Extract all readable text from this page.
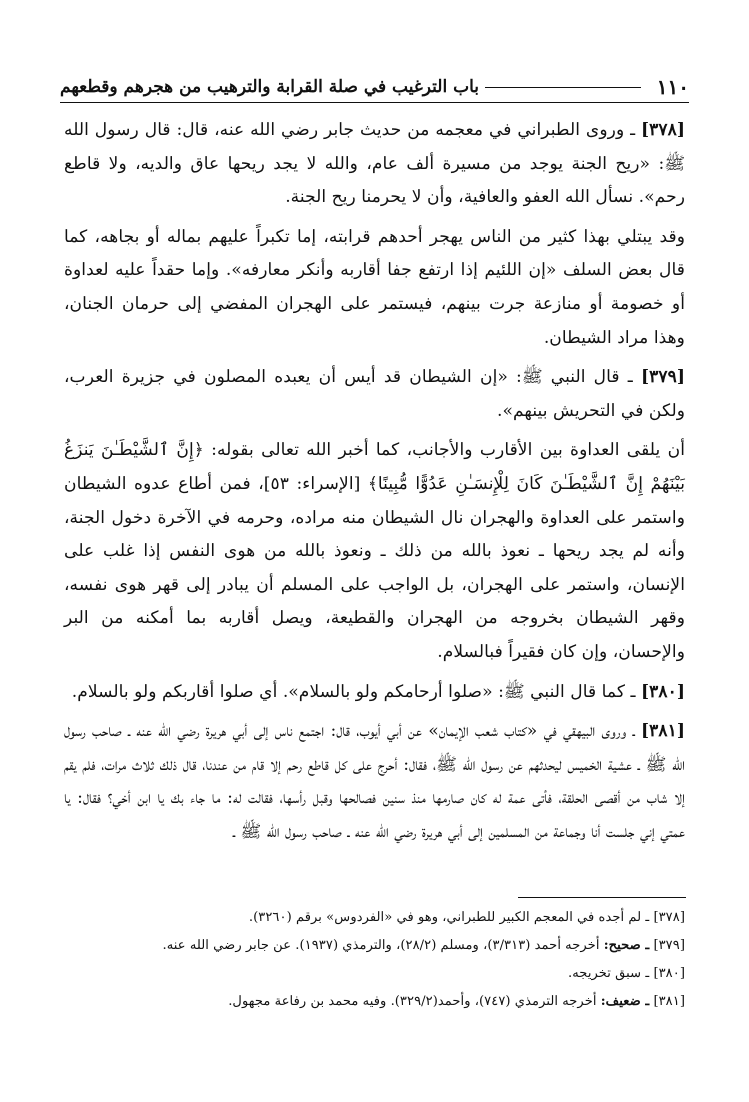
١١٠
باب الترغيب في صلة القرابة والترهيب من هجرهم وقطعهم

[٣٧٨] ـ وروى الطبراني في معجمه من حديث جابر رضي الله عنه، قال: قال رسول الله ﷺ: «ريح الجنة يوجد من مسيرة ألف عام، والله لا يجد ريحها عاق والديه، ولا قاطع رحم». نسأل الله العفو والعافية، وأن لا يحرمنا ريح الجنة.

وقد يبتلي بهذا كثير من الناس يهجر أحدهم قرابته، إما تكبراً عليهم بماله أو بجاهه، كما قال بعض السلف «إن اللئيم إذا ارتفع جفا أقاربه وأنكر معارفه». وإما حقداً عليه لعداوة أو خصومة أو منازعة جرت بينهم، فيستمر على الهجران المفضي إلى حرمان الجنان، وهذا مراد الشيطان.

[٣٧٩] ـ قال النبي ﷺ: «إن الشيطان قد أيس أن يعبده المصلون في جزيرة العرب، ولكن في التحريش بينهم».

أن يلقى العداوة بين الأقارب والأجانب، كما أخبر الله تعالى بقوله: ﴿إِنَّ ٱلشَّيْطَـٰنَ يَنزَغُ بَيْنَهُمْ إِنَّ ٱلشَّيْطَـٰنَ كَانَ لِلْإِنسَـٰنِ عَدُوًّا مُّبِينًا﴾ [الإسراء: ٥٣]، فمن أطاع عدوه الشيطان واستمر على العداوة والهجران نال الشيطان منه مراده، وحرمه في الآخرة دخول الجنة، وأنه لم يجد ريحها ـ نعوذ بالله من ذلك ـ ونعوذ بالله من هوى النفس إذا غلب على الإنسان، واستمر على الهجران، بل الواجب على المسلم أن يبادر إلى قهر هوى نفسه، وقهر الشيطان بخروجه من الهجران والقطيعة، ويصل أقاربه بما أمكنه من البر والإحسان، وإن كان فقيراً فبالسلام.

[٣٨٠] ـ كما قال النبي ﷺ: «صلوا أرحامكم ولو بالسلام». أي صلوا أقاربكم ولو بالسلام.

[٣٨١] ـ وروى البيهقي في «كتاب شعب الإيمان» عن أبي أيوب، قال: اجتمع ناس إلى أبي هريرة رضي الله عنه ـ صاحب رسول الله ﷺ ـ عشية الخميس ليحدثهم عن رسول الله ﷺ، فقال: أحرج على كل قاطع رحم إلا قام من عندنا، قال ذلك ثلاث مرات، فلم يقم إلا شاب من أقصى الحلقة، فأتى عمة له كان صارمها منذ سنين فصالحها وقبل رأسها، فقالت له: ما جاء بك يا ابن أخي؟ فقال: يا عمتي إني جلست أنا وجماعة من المسلمين إلى أبي هريرة رضي الله عنه ـ صاحب رسول الله ﷺ ـ

[٣٧٨] ـ لم أجده في المعجم الكبير للطبراني، وهو في «الفردوس» برقم (٣٢٦٠).

[٣٧٩] ـ صحيح: أخرجه أحمد (٣/٣١٣)، ومسلم (٢٨/٢)، والترمذي (١٩٣٧). عن جابر رضي الله عنه.

[٣٨٠] ـ سبق تخريجه.

[٣٨١] ـ ضعيف: أخرجه الترمذي (٧٤٧)، وأحمد(٣٢٩/٢). وفيه محمد بن رفاعة مجهول.
